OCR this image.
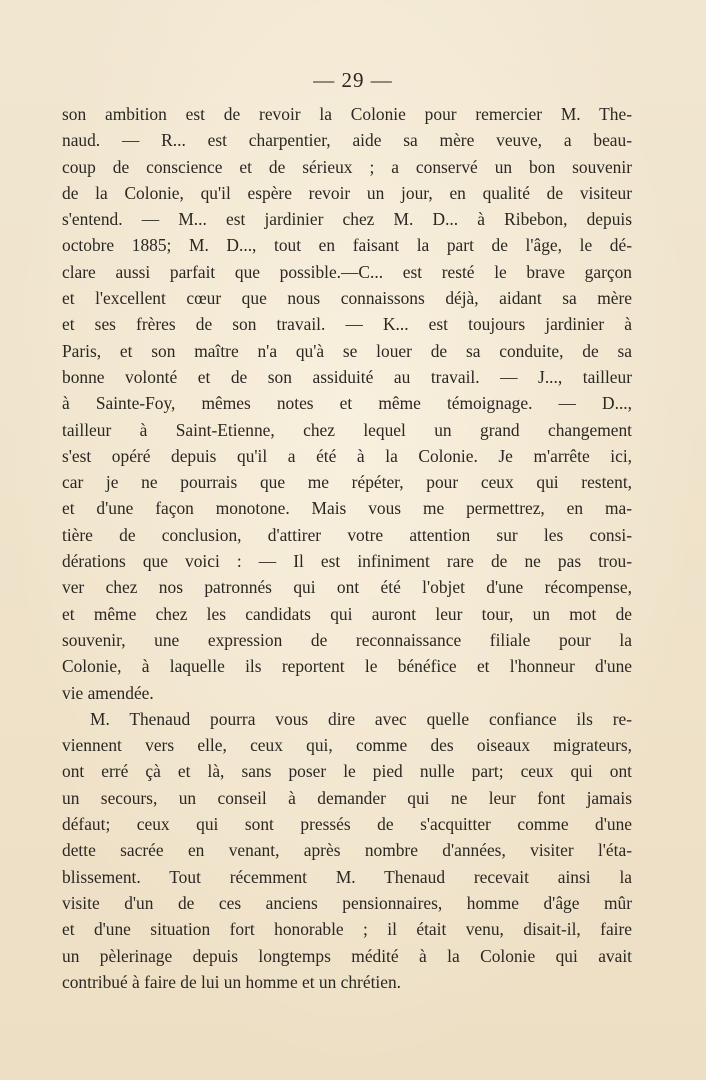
— 29 —
son ambition est de revoir la Colonie pour remercier M. The-
naud. — R... est charpentier, aide sa mère veuve, a beau-
coup de conscience et de sérieux ; a conservé un bon souvenir
de la Colonie, qu'il espère revoir un jour, en qualité de visiteur
s'entend. — M... est jardinier chez M. D... à Ribebon, depuis
octobre 1885; M. D..., tout en faisant la part de l'âge, le dé-
clare aussi parfait que possible.—C... est resté le brave garçon
et l'excellent cœur que nous connaissons déjà, aidant sa mère
et ses frères de son travail. — K... est toujours jardinier à
Paris, et son maître n'a qu'à se louer de sa conduite, de sa
bonne volonté et de son assiduité au travail. — J..., tailleur
à Sainte-Foy, mêmes notes et même témoignage. — D...,
tailleur à Saint-Etienne, chez lequel un grand changement
s'est opéré depuis qu'il a été à la Colonie. Je m'arrête ici,
car je ne pourrais que me répéter, pour ceux qui restent,
et d'une façon monotone. Mais vous me permettrez, en ma-
tière de conclusion, d'attirer votre attention sur les consi-
dérations que voici : — Il est infiniment rare de ne pas trou-
ver chez nos patronnés qui ont été l'objet d'une récompense,
et même chez les candidats qui auront leur tour, un mot de
souvenir, une expression de reconnaissance filiale pour la
Colonie, à laquelle ils reportent le bénéfice et l'honneur d'une
vie amendée.
M. Thenaud pourra vous dire avec quelle confiance ils re-
viennent vers elle, ceux qui, comme des oiseaux migrateurs,
ont erré çà et là, sans poser le pied nulle part; ceux qui ont
un secours, un conseil à demander qui ne leur font jamais
défaut; ceux qui sont pressés de s'acquitter comme d'une
dette sacrée en venant, après nombre d'années, visiter l'éta-
blissement. Tout récemment M. Thenaud recevait ainsi la
visite d'un de ces anciens pensionnaires, homme d'âge mûr
et d'une situation fort honorable ; il était venu, disait-il, faire
un pèlerinage depuis longtemps médité à la Colonie qui avait
contribué à faire de lui un homme et un chrétien.
